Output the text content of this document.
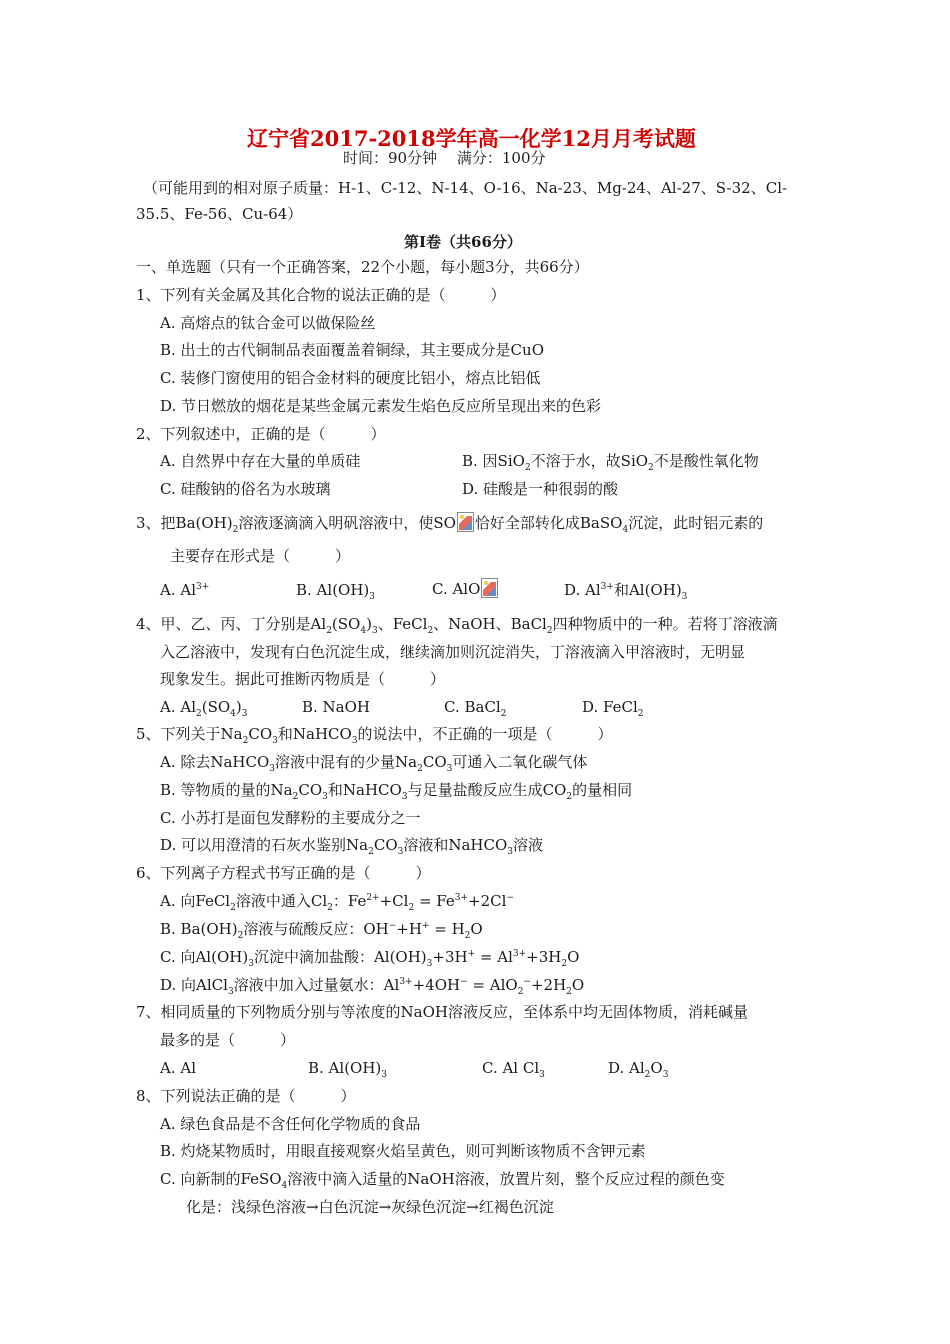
辽宁省2017-2018学年高一化学12月月考试题
时间：90分钟　 满分：100分
（可能用到的相对原子质量：H-1、C-12、N-14、O-16、Na-23、Mg-24、Al-27、S-32、Cl-
35.5、Fe-56、Cu-64）
第Ⅰ卷（共66分）
一、单选题（只有一个正确答案，22个小题，每小题3分，共66分）
1、下列有关金属及其化合物的说法正确的是（　　　）
A. 高熔点的钛合金可以做保险丝
B. 出土的古代铜制品表面覆盖着铜绿，其主要成分是CuO
C. 装修门窗使用的铝合金材料的硬度比铝小，熔点比铝低
D. 节日燃放的烟花是某些金属元素发生焰色反应所呈现出来的色彩
2、下列叙述中，正确的是（　　　）
A. 自然界中存在大量的单质硅	B. 因SiO$_2$不溶于水，故SiO$_2$不是酸性氧化物
C. 硅酸钠的俗名为水玻璃	D. 硅酸是一种很弱的酸
3、把$Ba(OH)_2$溶液逐滴滴入明矾溶液中，使SO 恰好全部转化成BaSO$_4$沉淀，此时铝元素的
主要存在形式是（　　　）
A. $Al^{3+}$	B. $Al(OH)_3$	C. AlO	D. $Al^{3+}$和$Al(OH)_3$
4、甲、乙、丙、丁分别是$Al_2(SO_4)_3$、FeCl$_2$、NaOH、BaCl$_2$四种物质中的一种。若将丁溶液滴
入乙溶液中，发现有白色沉淀生成，继续滴加则沉淀消失，丁溶液滴入甲溶液时，无明显
现象发生。据此可推断丙物质是（　　　）
A. $Al_2(SO_4)_3$	B. NaOH	C. BaCl$_2$	D. FeCl$_2$
5、下列关于$Na_2CO_3$和NaHCO$_3$的说法中，不正确的一项是（　　　）
A. 除去NaHCO$_3$溶液中混有的少量$Na_2CO_3$可通入二氧化碳气体
B. 等物质的量的$Na_2CO_3$和NaHCO$_3$与足量盐酸反应生成$CO_2$的量相同
C. 小苏打是面包发酵粉的主要成分之一
D. 可以用澄清的石灰水鉴别$Na_2CO_3$溶液和NaHCO$_3$溶液
6、下列离子方程式书写正确的是（　　　）
A. 向FeCl$_2$溶液中通入$Cl_2$：$Fe^{2+}+Cl_2 = Fe^{3+}+2Cl^-$
B. $Ba(OH)_2$溶液与硫酸反应：$OH^-+H^+ = H_2O$
C. 向$Al(OH)_3$沉淀中滴加盐酸：$Al(OH)_3+3H^+ = Al^{3+}+3H_2O$
D. 向AlCl$_3$溶液中加入过量氨水：$Al^{3+}+4OH^- = AlO_2^-+2H_2O$
7、相同质量的下列物质分别与等浓度的NaOH溶液反应，至体系中均无固体物质，消耗碱量
最多的是（　　　）
A. Al	B. $Al(OH)_3$	C. Al $Cl_3$	D. $Al_2O_3$
8、下列说法正确的是（　　　）
A. 绿色食品是不含任何化学物质的食品
B. 灼烧某物质时，用眼直接观察火焰呈黄色，则可判断该物质不含钾元素
C. 向新制的FeSO$_4$溶液中滴入适量的NaOH溶液，放置片刻，整个反应过程的颜色变
化是：浅绿色溶液→白色沉淀→灰绿色沉淀→红褐色沉淀
